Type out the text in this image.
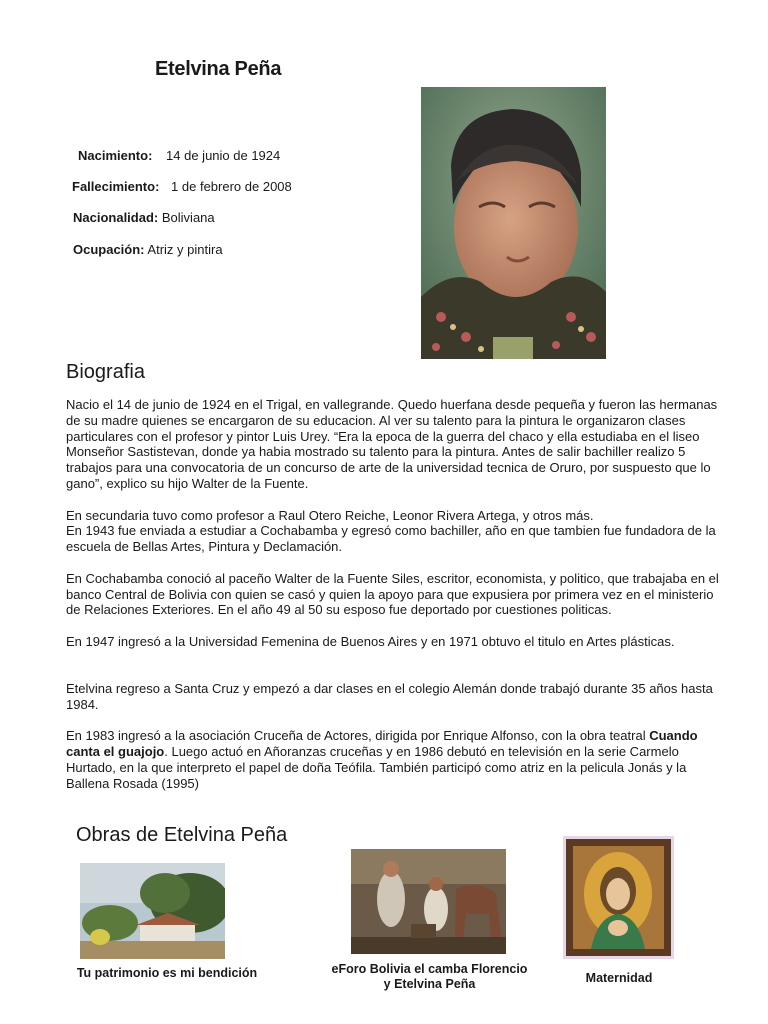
Etelvina Peña
Nacimiento: 14 de junio de 1924
Fallecimiento: 1 de febrero de 2008
Nacionalidad: Boliviana
Ocupación: Atriz y pintira
Biografia

Nacio el 14 de junio de 1924 en el Trigal, en vallegrande. Quedo huerfana desde pequeña y fueron las hermanas de su madre quienes se encargaron de su educacion. Al ver su talento para la pintura le organizaron clases particulares con el profesor y pintor Luis Urey. “Era la epoca de la guerra del chaco y ella estudiaba en el liseo Monseñor Sastistevan, donde ya habia mostrado su talento para la pintura. Antes de salir bachiller realizo 5 trabajos para una convocatoria de un concurso de arte de la universidad tecnica de Oruro, por suspuesto que lo gano”, explico su hijo Walter de la Fuente.

En secundaria tuvo como profesor a Raul Otero Reiche, Leonor Rivera Artega, y otros más.
En 1943 fue enviada a estudiar a Cochabamba y egresó como bachiller, año en que tambien fue fundadora de la escuela de Bellas Artes, Pintura y Declamación.

En Cochabamba conoció al paceño Walter de la Fuente Siles, escritor, economista, y politico, que trabajaba en el banco Central de Bolivia con quien se casó y quien la apoyo para que expusiera por primera vez en el ministerio de Relaciones Exteriores. En el año 49 al 50 su esposo fue deportado por cuestiones politicas.

En 1947 ingresó a la Universidad Femenina de Buenos Aires y en 1971 obtuvo el titulo en Artes plásticas.

Etelvina regreso a Santa Cruz y empezó a dar clases en el colegio Alemán donde trabajó durante 35 años hasta 1984.

En 1983 ingresó a la asociación Cruceña de Actores, dirigida por Enrique Alfonso, con la obra teatral Cuando canta el guajojo. Luego actuó en Añoranzas cruceñas y en 1986 debutó en televisión en la serie Carmelo Hurtado, en la que interpreto el papel de doña Teófila. También participó como atriz en la pelicula Jonás y la Ballena Rosada (1995)

Obras de Etelvina Peña
Tu patrimonio es mi bendición	eForo Bolivia el camba Florencio
y Etelvina Peña	Maternidad
